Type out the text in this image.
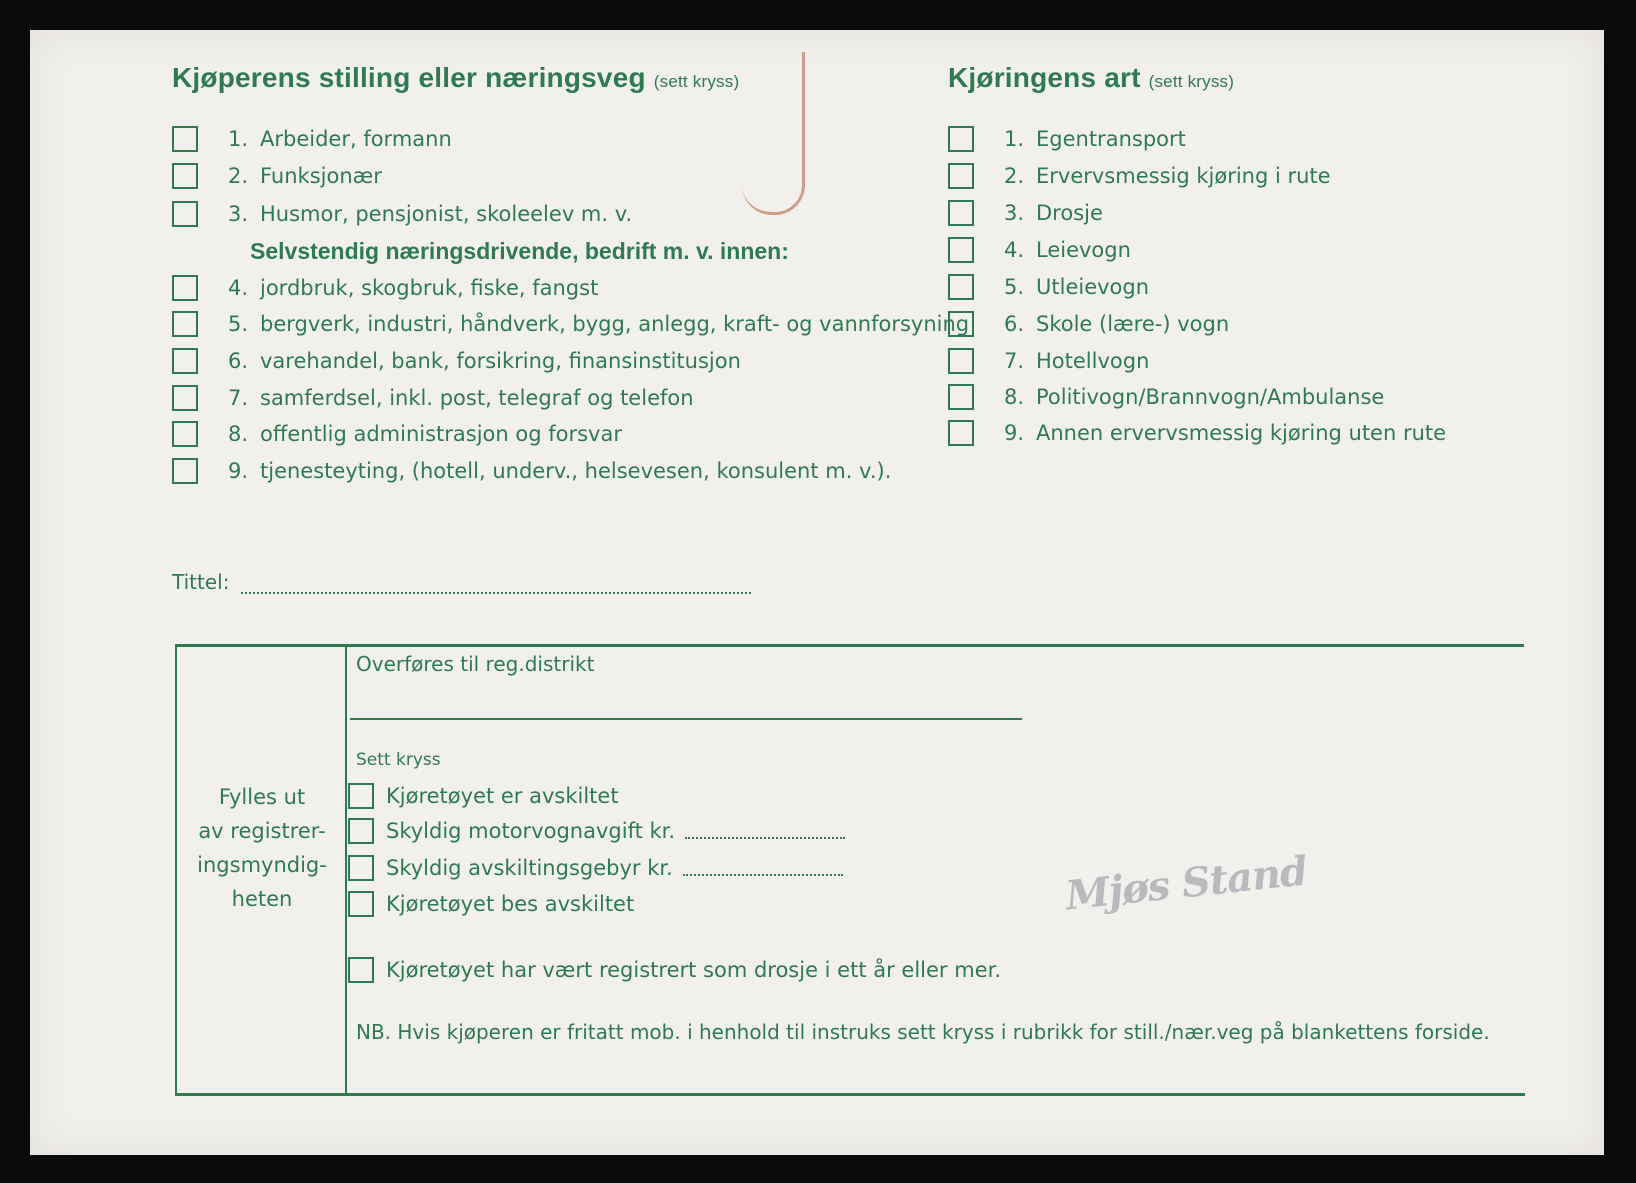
Kjøperens stilling eller næringsveg (sett kryss)	Kjøringens art (sett kryss)
1. Arbeider, formann
2. Funksjonær
3. Husmor, pensjonist, skoleelev m. v.
Selvstendig næringsdrivende, bedrift m. v. innen:
4. jordbruk, skogbruk, fiske, fangst
5. bergverk, industri, håndverk, bygg, anlegg, kraft- og vannforsyning
6. varehandel, bank, forsikring, finansinstitusjon
7. samferdsel, inkl. post, telegraf og telefon
8. offentlig administrasjon og forsvar
9. tjenesteyting, (hotell, underv., helsevesen, konsulent m. v.).
1. Egentransport
2. Ervervsmessig kjøring i rute
3. Drosje
4. Leievogn
5. Utleievogn
6. Skole (lære-) vogn
7. Hotellvogn
8. Politivogn/Brannvogn/Ambulanse
9. Annen ervervsmessig kjøring uten rute
Tittel:
Fylles ut
av registrer-
ingsmyndig-
heten
Overføres til reg.distrikt
Sett kryss
Kjøretøyet er avskiltet
Skyldig motorvognavgift kr.
Skyldig avskiltingsgebyr kr.
Kjøretøyet bes avskiltet
Kjøretøyet har vært registrert som drosje i ett år eller mer.
NB. Hvis kjøperen er fritatt mob. i henhold til instruks sett kryss i rubrikk for still./nær.veg på blankettens forside.
Mjøs Stand
